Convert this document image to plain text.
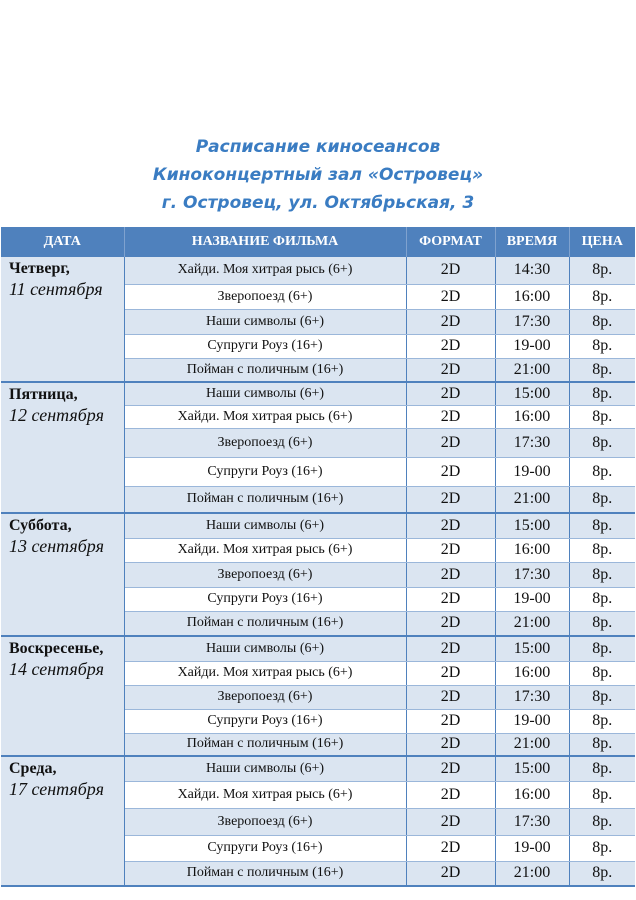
Расписание киносеансов
Киноконцертный зал «Островец»
г. Островец, ул. Октябрьская, 3
ДАТА	НАЗВАНИЕ ФИЛЬМА	ФОРМАТ	ВРЕМЯ	ЦЕНА

Четверг,
11 сентября	Хайди. Моя хитрая рысь (6+)	2D	14:30	8р.
	Зверопоезд (6+)	2D	16:00	8р.
	Наши символы (6+)	2D	17:30	8р.
	Супруги Роуз (16+)	2D	19-00	8р.
	Пойман с поличным (16+)	2D	21:00	8р.

Пятница,
12 сентября	Наши символы (6+)	2D	15:00	8р.
	Хайди. Моя хитрая рысь (6+)	2D	16:00	8р.
	Зверопоезд (6+)	2D	17:30	8р.
	Супруги Роуз (16+)	2D	19-00	8р.
	Пойман с поличным (16+)	2D	21:00	8р.

Суббота,
13 сентября	Наши символы (6+)	2D	15:00	8р.
	Хайди. Моя хитрая рысь (6+)	2D	16:00	8р.
	Зверопоезд (6+)	2D	17:30	8р.
	Супруги Роуз (16+)	2D	19-00	8р.
	Пойман с поличным (16+)	2D	21:00	8р.

Воскресенье,
14 сентября	Наши символы (6+)	2D	15:00	8р.
	Хайди. Моя хитрая рысь (6+)	2D	16:00	8р.
	Зверопоезд (6+)	2D	17:30	8р.
	Супруги Роуз (16+)	2D	19-00	8р.
	Пойман с поличным (16+)	2D	21:00	8р.

Среда,
17 сентября	Наши символы (6+)	2D	15:00	8р.
	Хайди. Моя хитрая рысь (6+)	2D	16:00	8р.
	Зверопоезд (6+)	2D	17:30	8р.
	Супруги Роуз (16+)	2D	19-00	8р.
	Пойман с поличным (16+)	2D	21:00	8р.
